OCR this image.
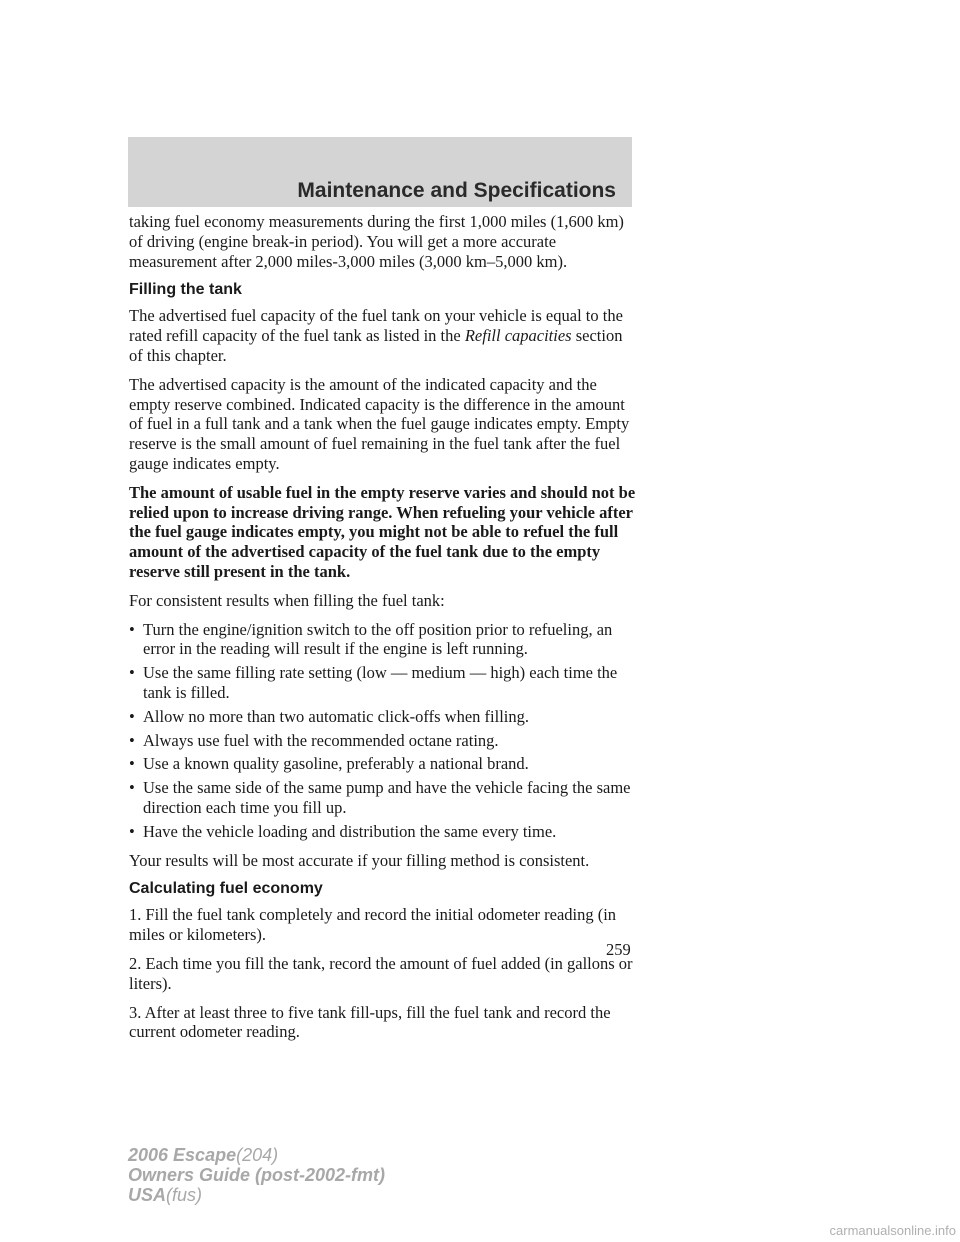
Maintenance and Specifications

taking fuel economy measurements during the first 1,000 miles (1,600 km) of driving (engine break-in period). You will get a more accurate measurement after 2,000 miles-3,000 miles (3,000 km–5,000 km).

Filling the tank

The advertised fuel capacity of the fuel tank on your vehicle is equal to the rated refill capacity of the fuel tank as listed in the Refill capacities section of this chapter.

The advertised capacity is the amount of the indicated capacity and the empty reserve combined. Indicated capacity is the difference in the amount of fuel in a full tank and a tank when the fuel gauge indicates empty. Empty reserve is the small amount of fuel remaining in the fuel tank after the fuel gauge indicates empty.

The amount of usable fuel in the empty reserve varies and should not be relied upon to increase driving range. When refueling your vehicle after the fuel gauge indicates empty, you might not be able to refuel the full amount of the advertised capacity of the fuel tank due to the empty reserve still present in the tank.

For consistent results when filling the fuel tank:

• Turn the engine/ignition switch to the off position prior to refueling, an error in the reading will result if the engine is left running.
• Use the same filling rate setting (low — medium — high) each time the tank is filled.
• Allow no more than two automatic click-offs when filling.
• Always use fuel with the recommended octane rating.
• Use a known quality gasoline, preferably a national brand.
• Use the same side of the same pump and have the vehicle facing the same direction each time you fill up.
• Have the vehicle loading and distribution the same every time.

Your results will be most accurate if your filling method is consistent.

Calculating fuel economy

1. Fill the fuel tank completely and record the initial odometer reading (in miles or kilometers).

2. Each time you fill the tank, record the amount of fuel added (in gallons or liters).

3. After at least three to five tank fill-ups, fill the fuel tank and record the current odometer reading.

259
2006 Escape(204)
Owners Guide (post-2002-fmt)
USA(fus)
carmanualsonline.info
